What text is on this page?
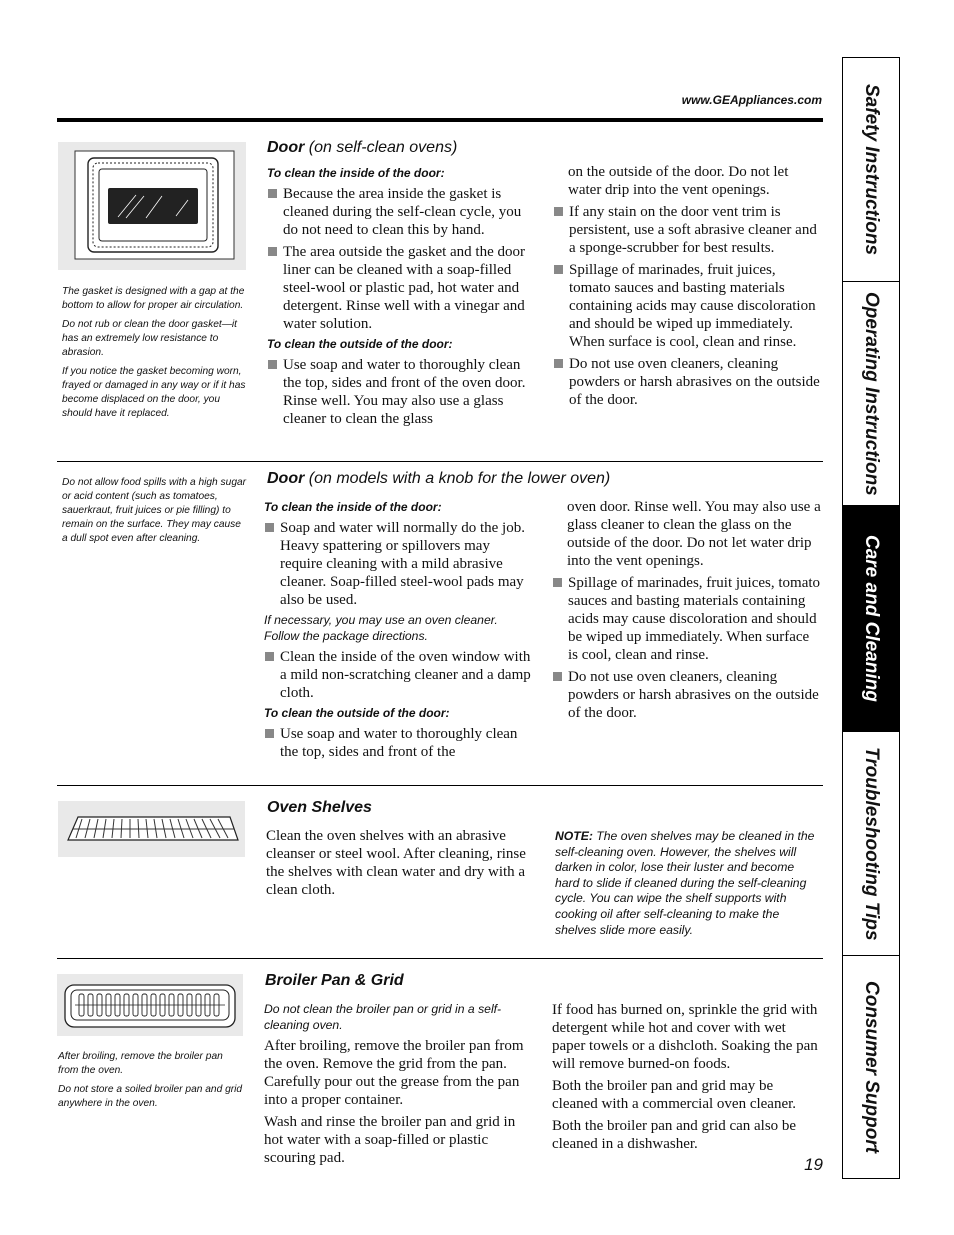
www.GEAppliances.com

The gasket is designed with a gap at the bottom to allow for proper air circulation.

Do not rub or clean the door gasket—it has an extremely low resistance to abrasion.

If you notice the gasket becoming worn, frayed or damaged in any way or if it has become displaced on the door, you should have it replaced.

Door (on self-clean ovens)
To clean the inside of the door:

Because the area inside the gasket is cleaned during the self-clean cycle, you do not need to clean this by hand.

The area outside the gasket and the door liner can be cleaned with a soap-filled steel-wool or plastic pad, hot water and detergent. Rinse well with a vinegar and water solution.

To clean the outside of the door:

Use soap and water to thoroughly clean the top, sides and front of the oven door. Rinse well. You may also use a glass cleaner to clean the glass

on the outside of the door. Do not let water drip into the vent openings.

If any stain on the door vent trim is persistent, use a soft abrasive cleaner and a sponge-scrubber for best results.

Spillage of marinades, fruit juices, tomato sauces and basting materials containing acids may cause discoloration and should be wiped up immediately. When surface is cool, clean and rinse.

Do not use oven cleaners, cleaning powders or harsh abrasives on the outside of the door.

Do not allow food spills with a high sugar or acid content (such as tomatoes, sauerkraut, fruit juices or pie filling) to remain on the surface. They may cause a dull spot even after cleaning.

Door (on models with a knob for the lower oven)
To clean the inside of the door:

Soap and water will normally do the job. Heavy spattering or spillovers may require cleaning with a mild abrasive cleaner. Soap-filled steel-wool pads may also be used.

If necessary, you may use an oven cleaner. Follow the package directions.

Clean the inside of the oven window with a mild non-scratching cleaner and a damp cloth.

To clean the outside of the door:

Use soap and water to thoroughly clean the top, sides and front of the

oven door. Rinse well. You may also use a glass cleaner to clean the glass on the outside of the door. Do not let water drip into the vent openings.

Spillage of marinades, fruit juices, tomato sauces and basting materials containing acids may cause discoloration and should be wiped up immediately. When surface is cool, clean and rinse.

Do not use oven cleaners, cleaning powders or harsh abrasives on the outside of the door.

Oven Shelves

Clean the oven shelves with an abrasive cleanser or steel wool. After cleaning, rinse the shelves with clean water and dry with a clean cloth.

NOTE: The oven shelves may be cleaned in the self-cleaning oven. However, the shelves will darken in color, lose their luster and become hard to slide if cleaned during the self-cleaning cycle. You can wipe the shelf supports with cooking oil after self-cleaning to make the shelves slide more easily.

After broiling, remove the broiler pan from the oven.

Do not store a soiled broiler pan and grid anywhere in the oven.

Broiler Pan & Grid

Do not clean the broiler pan or grid in a self-cleaning oven.

After broiling, remove the broiler pan from the oven. Remove the grid from the pan. Carefully pour out the grease from the pan into a proper container.

Wash and rinse the broiler pan and grid in hot water with a soap-filled or plastic scouring pad.

If food has burned on, sprinkle the grid with detergent while hot and cover with wet paper towels or a dishcloth. Soaking the pan will remove burned-on foods.

Both the broiler pan and grid may be cleaned with a commercial oven cleaner.

Both the broiler pan and grid can also be cleaned in a dishwasher.

19
Safety Instructions
Operating Instructions
Care and Cleaning
Troubleshooting Tips
Consumer Support
